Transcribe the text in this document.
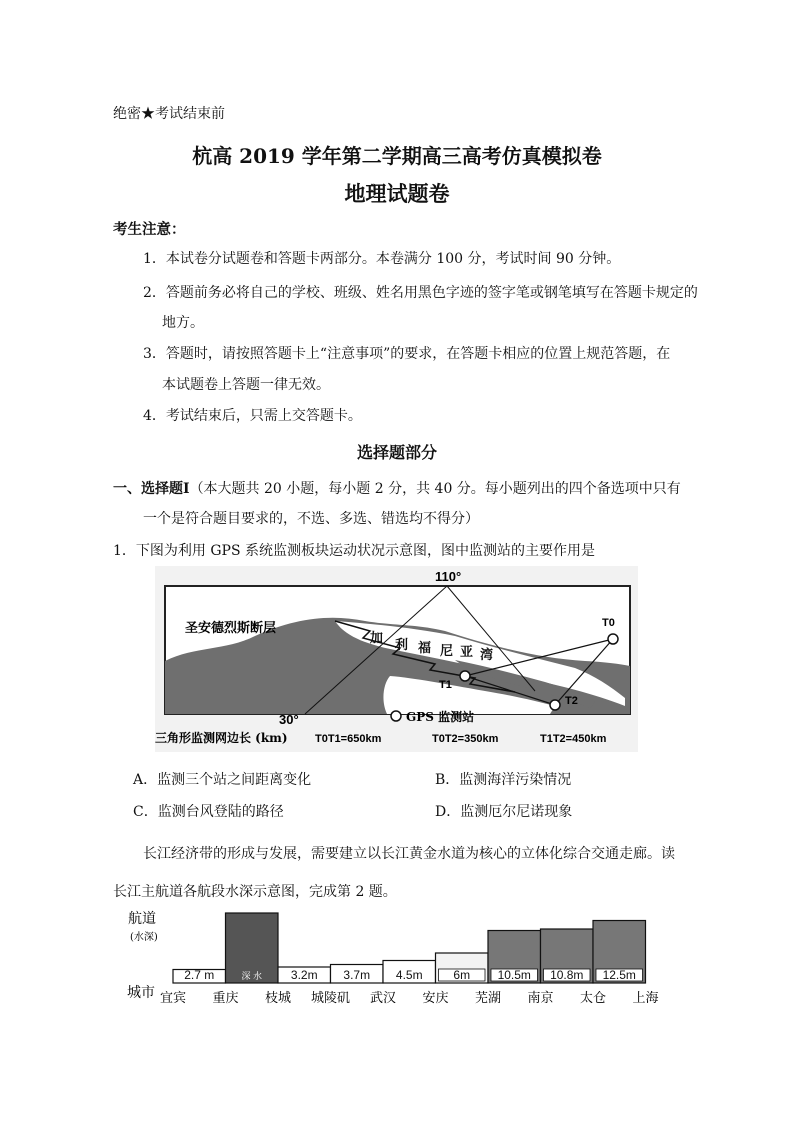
绝密★考试结束前
杭高 2019 学年第二学期高三高考仿真模拟卷
地理试题卷
考生注意：
1．本试卷分试题卷和答题卡两部分。本卷满分 100 分，考试时间 90 分钟。
2．答题前务必将自己的学校、班级、姓名用黑色字迹的签字笔或钢笔填写在答题卡规定的
地方。
3．答题时，请按照答题卡上“注意事项”的要求，在答题卡相应的位置上规范答题，在
本试题卷上答题一律无效。
4．考试结束后，只需上交答题卡。
选择题部分
一、选择题Ⅰ（本大题共 20 小题，每小题 2 分，共 40 分。每小题列出的四个备选项中只有
一个是符合题目要求的，不选、多选、错选均不得分）
1．下图为利用 GPS 系统监测板块运动状况示意图，图中监测站的主要作用是
110°
30°
圣安德烈斯断层
加 利 福 尼 亚 湾
T0
T1
T2
GPS 监测站
三角形监测网边长 (km) T0T1=650km	T0T2=350km	T1T2=450km
A．监测三个站之间距离变化	B．监测海洋污染情况
C．监测台风登陆的路径	D．监测厄尔尼诺现象
长江经济带的形成与发展，需要建立以长江黄金水道为核心的立体化综合交通走廊。读
长江主航道各航段水深示意图，完成第 2 题。
航道
(水深)
城市
2.7 m	深 水 3.2m 3.7m 4.5m	6m 10.5m 10.8m 12.5m
宜宾 重庆 枝城 城陵矶 武汉 安庆 芜湖 南京 太仓 上海
